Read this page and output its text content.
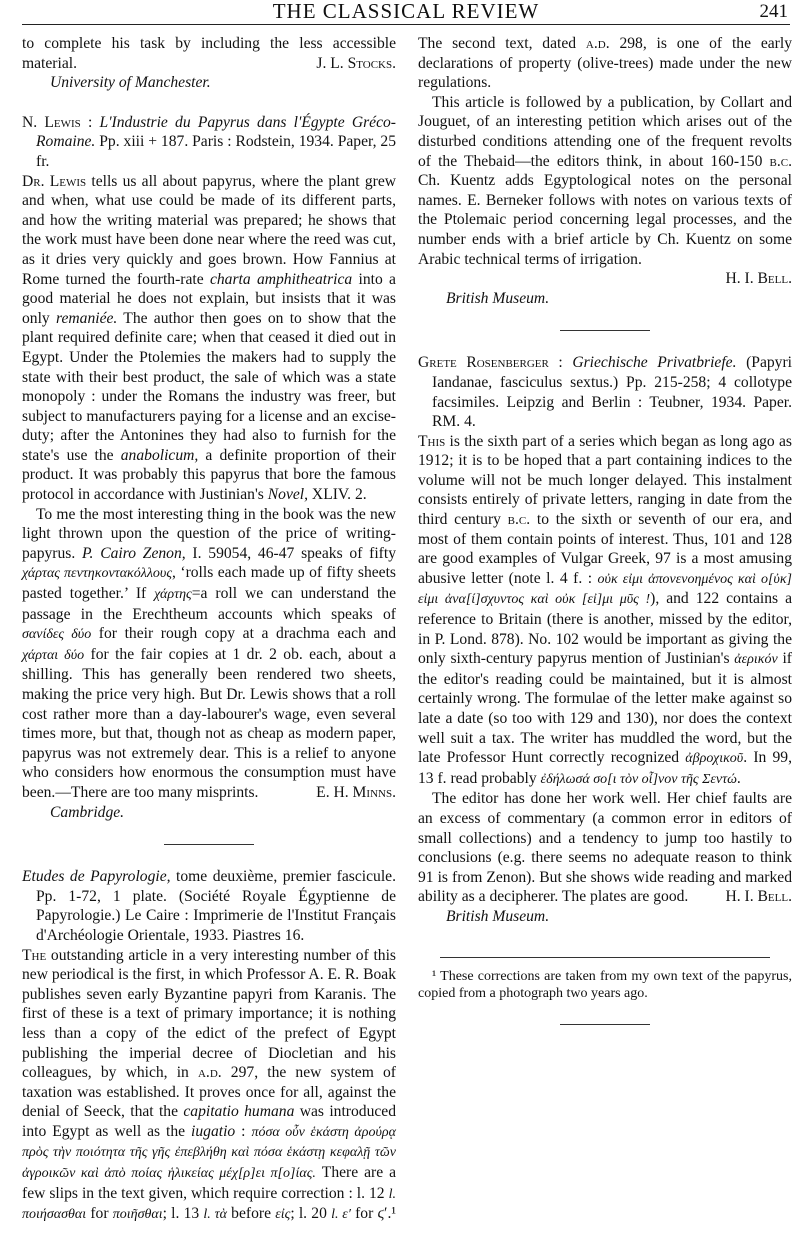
THE CLASSICAL REVIEW	241

to complete his task by including the less accessible material.	J. L. Stocks.

University of Manchester.

N. Lewis : L'Industrie du Papyrus dans l'Égypte Gréco-Romaine. Pp. xiii + 187. Paris : Rodstein, 1934. Paper, 25 fr.

Dr. Lewis tells us all about papyrus, where the plant grew and when, what use could be made of its different parts, and how the writing material was prepared; he shows that the work must have been done near where the reed was cut, as it dries very quickly and goes brown. How Fannius at Rome turned the fourth-rate charta amphitheatrica into a good material he does not explain, but insists that it was only remaniée. The author then goes on to show that the plant required definite care; when that ceased it died out in Egypt. Under the Ptolemies the makers had to supply the state with their best product, the sale of which was a state monopoly : under the Romans the industry was freer, but subject to manufacturers paying for a license and an excise-duty; after the Antonines they had also to furnish for the state's use the anabolicum, a definite proportion of their product. It was probably this papyrus that bore the famous protocol in accordance with Justinian's Novel, XLIV. 2.

To me the most interesting thing in the book was the new light thrown upon the question of the price of writing-papyrus. P. Cairo Zenon, I. 59054, 46-47 speaks of fifty χάρτας πεντηκοντακόλλους, ‘rolls each made up of fifty sheets pasted together.’ If χάρτης=a roll we can understand the passage in the Erechtheum accounts which speaks of σανίδες δύο for their rough copy at a drachma each and χάρται δύο for the fair copies at 1 dr. 2 ob. each, about a shilling. This has generally been rendered two sheets, making the price very high. But Dr. Lewis shows that a roll cost rather more than a day-labourer's wage, even several times more, but that, though not as cheap as modern paper, papyrus was not extremely dear. This is a relief to anyone who considers how enormous the consumption must have been.—There are too many misprints.	E. H. Minns.

Cambridge.

Etudes de Papyrologie, tome deuxième, premier fascicule. Pp. 1-72, 1 plate. (Société Royale Égyptienne de Papyrologie.) Le Caire : Imprimerie de l'Institut Français d'Archéologie Orientale, 1933. Piastres 16.

The outstanding article in a very interesting number of this new periodical is the first, in which Professor A. E. R. Boak publishes seven early Byzantine papyri from Karanis. The first of these is a text of primary importance; it is nothing less than a copy of the edict of the prefect of Egypt publishing the imperial decree of Diocletian and his colleagues, by which, in a.d. 297, the new system of taxation was established. It proves once for all, against the denial of Seeck, that the capitatio humana was introduced into Egypt as well as the iugatio : πόσα οὖν ἑκάστη ἀρούρᾳ πρὸς τὴν ποιότητα τῆς γῆς ἐπεβλήθη καὶ πόσα ἑκάστῃ κεφαλῇ τῶν ἀγροικῶν καὶ ἀπὸ ποίας ἡλικείας μέχ[ρ]ει π[ο]ίας. There are a few slips in the text given, which require correction : l. 12 l. ποιήσασθαι for ποιῆσθαι; l. 13 l. τὰ before εἰς; l. 20 l. ε′ for ϛ′.¹ The second text, dated a.d. 298, is one of the early declarations of property (olive-trees) made under the new regulations.

This article is followed by a publication, by Collart and Jouguet, of an interesting petition which arises out of the disturbed conditions attending one of the frequent revolts of the Thebaid—the editors think, in about 160-150 b.c. Ch. Kuentz adds Egyptological notes on the personal names. E. Berneker follows with notes on various texts of the Ptolemaic period concerning legal processes, and the number ends with a brief article by Ch. Kuentz on some Arabic technical terms of irrigation.

H. I. Bell.

British Museum.

Grete Rosenberger : Griechische Privatbriefe. (Papyri Iandanae, fasciculus sextus.) Pp. 215-258; 4 collotype facsimiles. Leipzig and Berlin : Teubner, 1934. Paper. RM. 4.

This is the sixth part of a series which began as long ago as 1912; it is to be hoped that a part containing indices to the volume will not be much longer delayed. This instalment consists entirely of private letters, ranging in date from the third century b.c. to the sixth or seventh of our era, and most of them contain points of interest. Thus, 101 and 128 are good examples of Vulgar Greek, 97 is a most amusing abusive letter (note l. 4 f. : οὐκ εἰμι ἀπονενοημένος καὶ ο[ὐκ] εἰμι ἀνα[ί]σχυντος καὶ οὐκ [εἰ]μι μῦς !), and 122 contains a reference to Britain (there is another, missed by the editor, in P. Lond. 878). No. 102 would be important as giving the only sixth-century papyrus mention of Justinian's ἀερικόν if the editor's reading could be maintained, but it is almost certainly wrong. The formulae of the letter make against so late a date (so too with 129 and 130), nor does the context well suit a tax. The writer has muddled the word, but the late Professor Hunt correctly recognized ἀβροχικοῦ. In 99, 13 f. read probably ἐδήλωσά σο[ι τὸν οἶ]νον τῆς Σεντώ.

The editor has done her work well. Her chief faults are an excess of commentary (a common error in editors of small collections) and a tendency to jump too hastily to conclusions (e.g. there seems no adequate reason to think 91 is from Zenon). But she shows wide reading and marked ability as a decipherer. The plates are good.	H. I. Bell.

British Museum.

¹ These corrections are taken from my own text of the papyrus, copied from a photograph two years ago.
